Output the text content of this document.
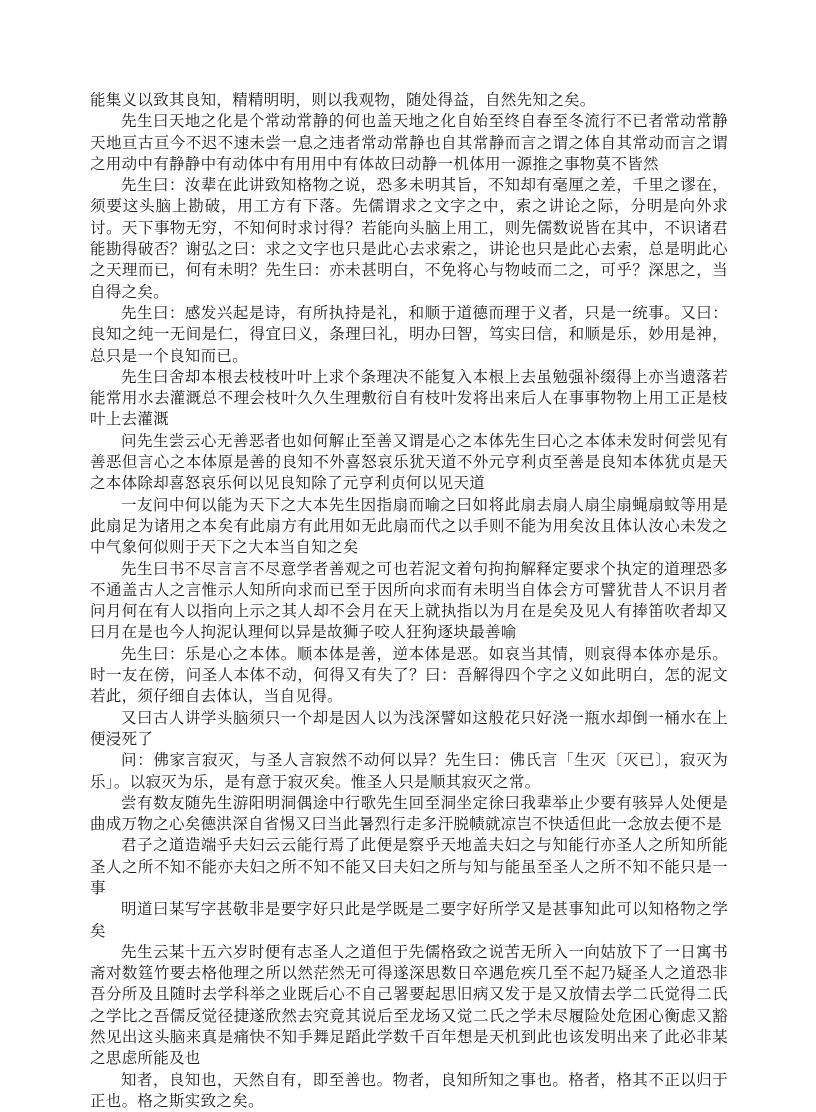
能集义以致其良知，精精明明，则以我观物，随处得益，自然先知之矣。

先生曰天地之化是个常动常静的何也盖天地之化自始至终自春至冬流行不已者常动常静天地亘古亘今不迟不速未尝一息之违者常动常静也自其常静而言之谓之体自其常动而言之谓之用动中有静静中有动体中有用用中有体故曰动静一机体用一源推之事物莫不皆然

先生曰：汝辈在此讲致知格物之说，恐多未明其旨，不知却有毫厘之差，千里之谬在，须要这头脑上勘破，用工方有下落。先儒谓求之文字之中，索之讲论之际，分明是向外求讨。天下事物无穷，不知何时求讨得？若能向头脑上用工，则先儒数说皆在其中，不识诸君能勘得破否？谢弘之曰：求之文字也只是此心去求索之，讲论也只是此心去索，总是明此心之天理而已，何有未明？先生曰：亦未甚明白，不免将心与物岐而二之，可乎？深思之，当自得之矣。

先生曰：感发兴起是诗，有所执持是礼，和顺于道德而理于义者，只是一统事。又曰：良知之纯一无间是仁，得宜曰义，条理曰礼，明办曰智，笃实曰信，和顺是乐，妙用是神，总只是一个良知而已。

先生曰舍却本根去枝枝叶叶上求个条理决不能复入本根上去虽勉强补缀得上亦当遗落若能常用水去灌溉总不理会枝叶久久生理敷衍自有枝叶发将出来后人在事事物物上用工正是枝叶上去灌溉

问先生尝云心无善恶者也如何解止至善又谓是心之本体先生曰心之本体未发时何尝见有善恶但言心之本体原是善的良知不外喜怒哀乐犹天道不外元亨利贞至善是良知本体犹贞是天之本体除却喜怒哀乐何以见良知除了元亨利贞何以见天道

一友问中何以能为天下之大本先生因指扇而喻之曰如将此扇去扇人扇尘扇蝇扇蚊等用是此扇足为诸用之本矣有此扇方有此用如无此扇而代之以手则不能为用矣汝且体认汝心未发之中气象何似则于天下之大本当自知之矣

先生曰书不尽言言不尽意学者善观之可也若泥文着句拘拘解释定要求个执定的道理恐多不通盖古人之言惟示人知所向求而已至于因所向求而有未明当自体会方可譬犹昔人不识月者问月何在有人以指向上示之其人却不会月在天上就执指以为月在是矣及见人有捧笛吹者却又曰月在是也今人拘泥认理何以异是故狮子咬人狂狗逐块最善喻

先生曰：乐是心之本体。顺本体是善，逆本体是恶。如哀当其情，则哀得本体亦是乐。时一友在傍，问圣人本体不动，何得又有失了？曰：吾解得四个字之义如此明白，怎的泥文若此，须仔细自去体认，当自见得。

又曰古人讲学头脑须只一个却是因人以为浅深譬如这般花只好浇一瓶水却倒一桶水在上便浸死了

问：佛家言寂灭，与圣人言寂然不动何以异？先生曰：佛氏言「生灭〔灭已〕，寂灭为乐」。以寂灭为乐，是有意于寂灭矣。惟圣人只是顺其寂灭之常。

尝有数友随先生游阳明洞偶途中行歌先生回至洞坐定徐曰我辈举止少要有骇异人处便是曲成万物之心矣德洪深自省惕又曰当此暑烈行走多汗脱帻就凉岂不快适但此一念放去便不是

君子之道造端乎夫妇云云能行焉了此便是察乎天地盖夫妇之与知能行亦圣人之所知所能圣人之所不知不能亦夫妇之所不知不能又曰夫妇之所与知与能虽至圣人之所不知不能只是一事

明道曰某写字甚敬非是要字好只此是学既是二要字好所学又是甚事知此可以知格物之学矣

先生云某十五六岁时便有志圣人之道但于先儒格致之说苦无所入一向姑放下了一日寓书斋对数筳竹要去格他理之所以然茫然无可得遂深思数日卒遇危疾几至不起乃疑圣人之道恐非吾分所及且随时去学科举之业既后心不自己署要起思旧病又发于是又放情去学二氏觉得二氏之学比之吾儒反觉径捷遂欣然去究竟其说后至龙场又觉二氏之学未尽履险处危困心衡虑又豁然见出这头脑来真是痛快不知手舞足蹈此学数千百年想是天机到此也该发明出来了此必非某之思虑所能及也

知者，良知也，天然自有，即至善也。物者，良知所知之事也。格者，格其不正以归于正也。格之斯实致之矣。
